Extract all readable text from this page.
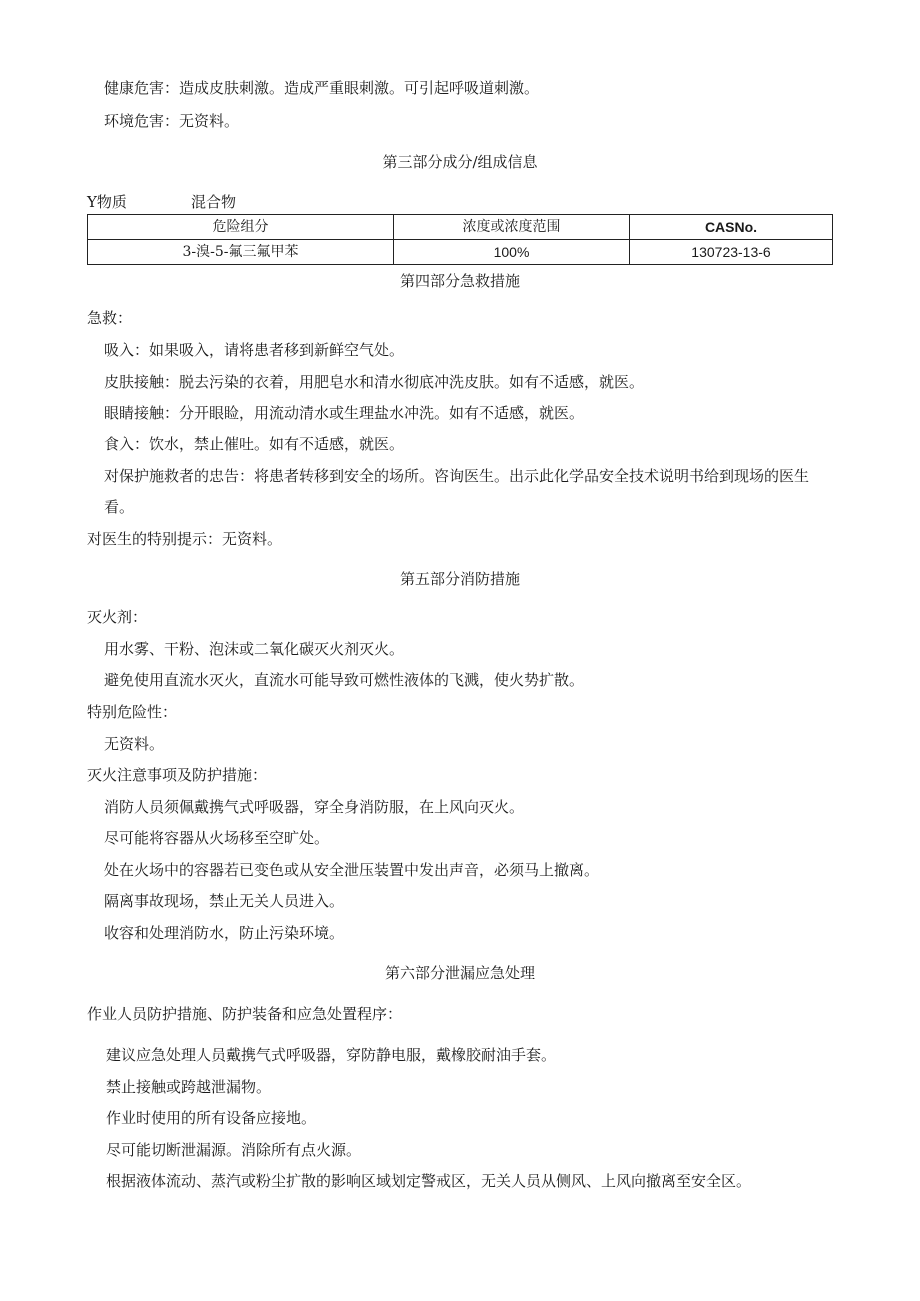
健康危害：造成皮肤刺激。造成严重眼刺激。可引起呼吸道刺激。
环境危害：无资料。
第三部分成分/组成信息
Y物质	混合物
危险组分	浓度或浓度范围	CASNo.
3-溴-5-氟三氟甲苯	100%	130723-13-6
第四部分急救措施
急救：
吸入：如果吸入，请将患者移到新鲜空气处。
皮肤接触：脱去污染的衣着，用肥皂水和清水彻底冲洗皮肤。如有不适感，就医。
眼睛接触：分开眼睑，用流动清水或生理盐水冲洗。如有不适感，就医。
食入：饮水，禁止催吐。如有不适感，就医。
对保护施救者的忠告：将患者转移到安全的场所。咨询医生。出示此化学品安全技术说明书给到现场的医生
看。
对医生的特别提示：无资料。
第五部分消防措施
灭火剂：
用水雾、干粉、泡沫或二氧化碳灭火剂灭火。
避免使用直流水灭火，直流水可能导致可燃性液体的飞溅，使火势扩散。
特别危险性：
无资料。
灭火注意事项及防护措施：
消防人员须佩戴携气式呼吸器，穿全身消防服，在上风向灭火。
尽可能将容器从火场移至空旷处。
处在火场中的容器若已变色或从安全泄压装置中发出声音，必须马上撤离。
隔离事故现场，禁止无关人员进入。
收容和处理消防水，防止污染环境。
第六部分泄漏应急处理
作业人员防护措施、防护装备和应急处置程序：
建议应急处理人员戴携气式呼吸器，穿防静电服，戴橡胶耐油手套。
禁止接触或跨越泄漏物。
作业时使用的所有设备应接地。
尽可能切断泄漏源。消除所有点火源。
根据液体流动、蒸汽或粉尘扩散的影响区域划定警戒区，无关人员从侧风、上风向撤离至安全区。
